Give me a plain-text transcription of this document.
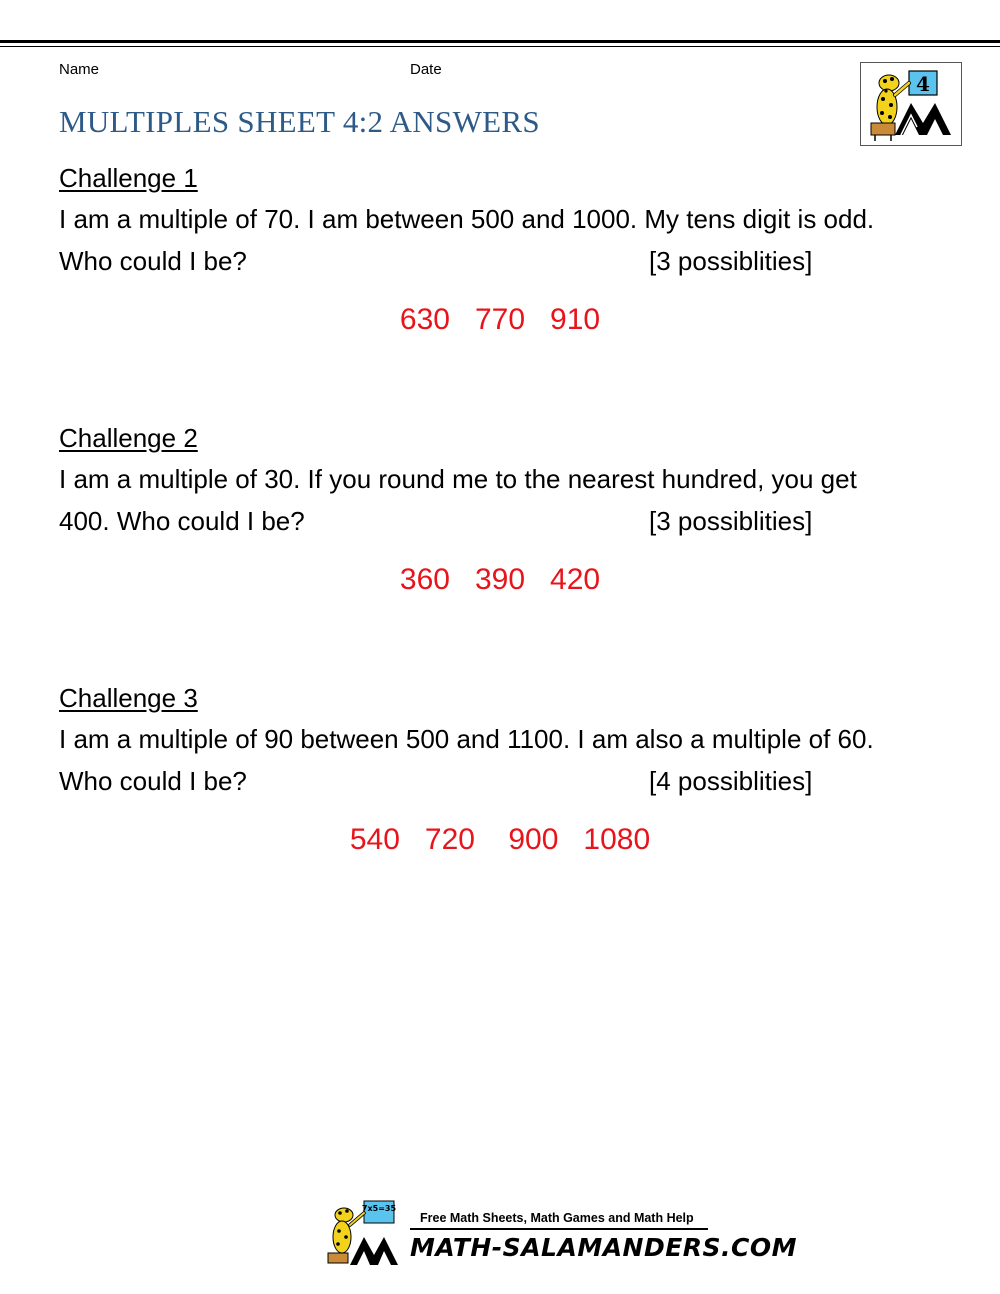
Name	Date
MULTIPLES SHEET 4:2 ANSWERS
4
Challenge 1

I am a multiple of 70. I am between 500 and 1000. My tens digit is odd.

Who could I be?	[3 possiblities]

630   770   910
Challenge 2

I am a multiple of 30. If you round me to the nearest hundred, you get

400. Who could I be?	[3 possiblities]

360   390   420
Challenge 3

I am a multiple of 90 between 500 and 1100. I am also a multiple of 60.

Who could I be?	[4 possiblities]

540   720    900   1080
7x5=35
Free Math Sheets, Math Games and Math Help
MATH-SALAMANDERS.COM
